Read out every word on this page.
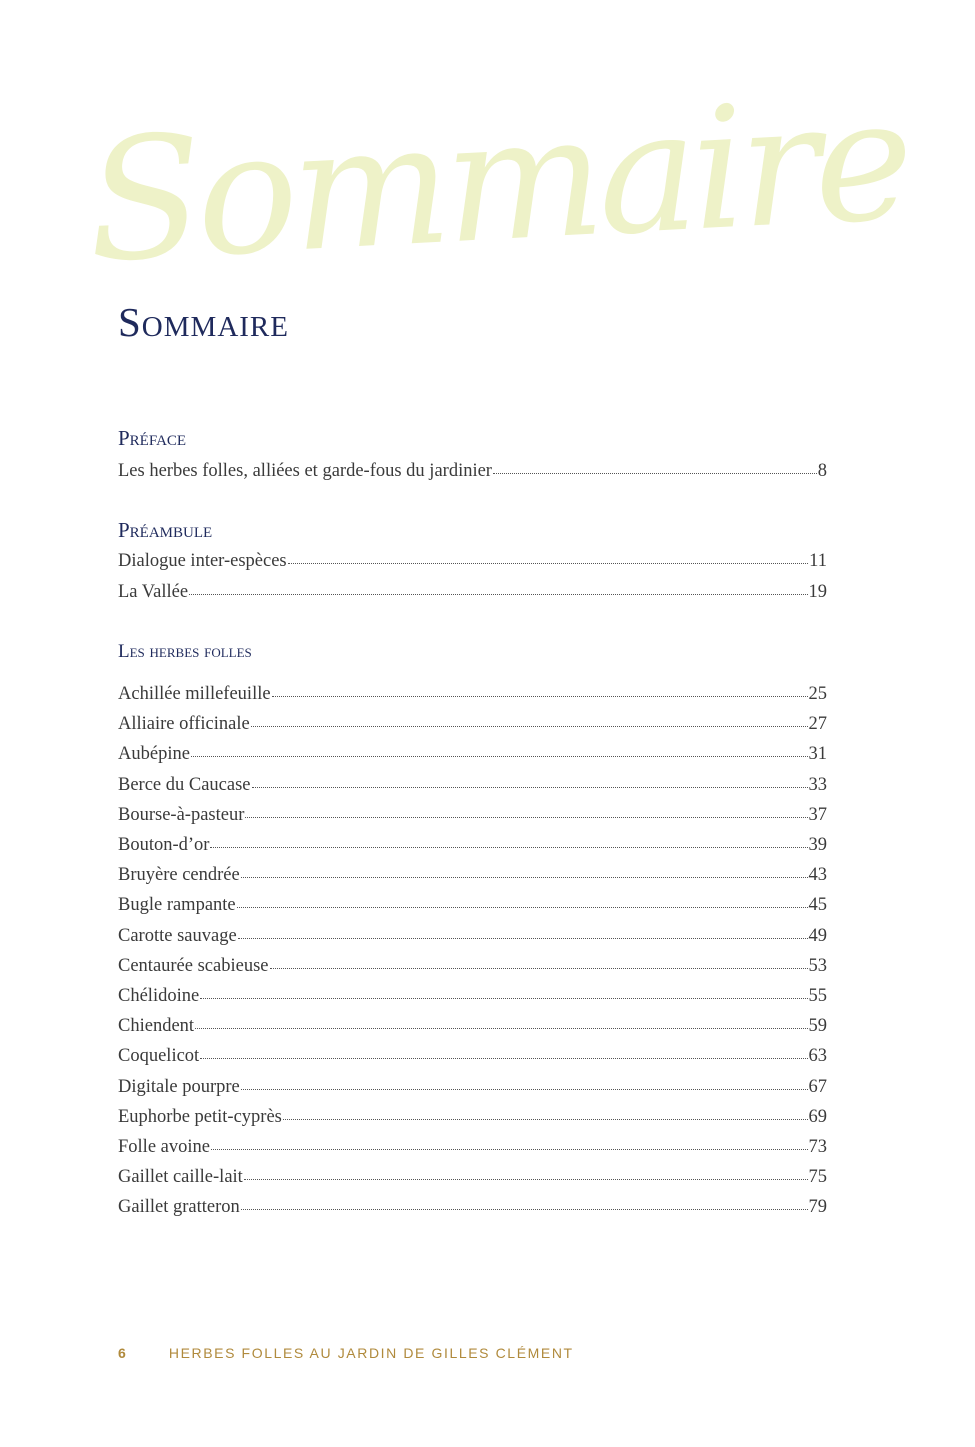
Sommaire
Sommaire
Préface
Les herbes folles, alliées et garde-fous du jardinier	8
Préambule
Dialogue inter-espèces	11
La Vallée	19
Les herbes folles
Achillée millefeuille	25
Alliaire officinale	27
Aubépine	31
Berce du Caucase	33
Bourse-à-pasteur	37
Bouton-d’or	39
Bruyère cendrée	43
Bugle rampante	45
Carotte sauvage	49
Centaurée scabieuse	53
Chélidoine	55
Chiendent	59
Coquelicot	63
Digitale pourpre	67
Euphorbe petit-cyprès	69
Folle avoine	73
Gaillet caille-lait	75
Gaillet gratteron	79
6	HERBES FOLLES AU JARDIN DE GILLES CLÉMENT
